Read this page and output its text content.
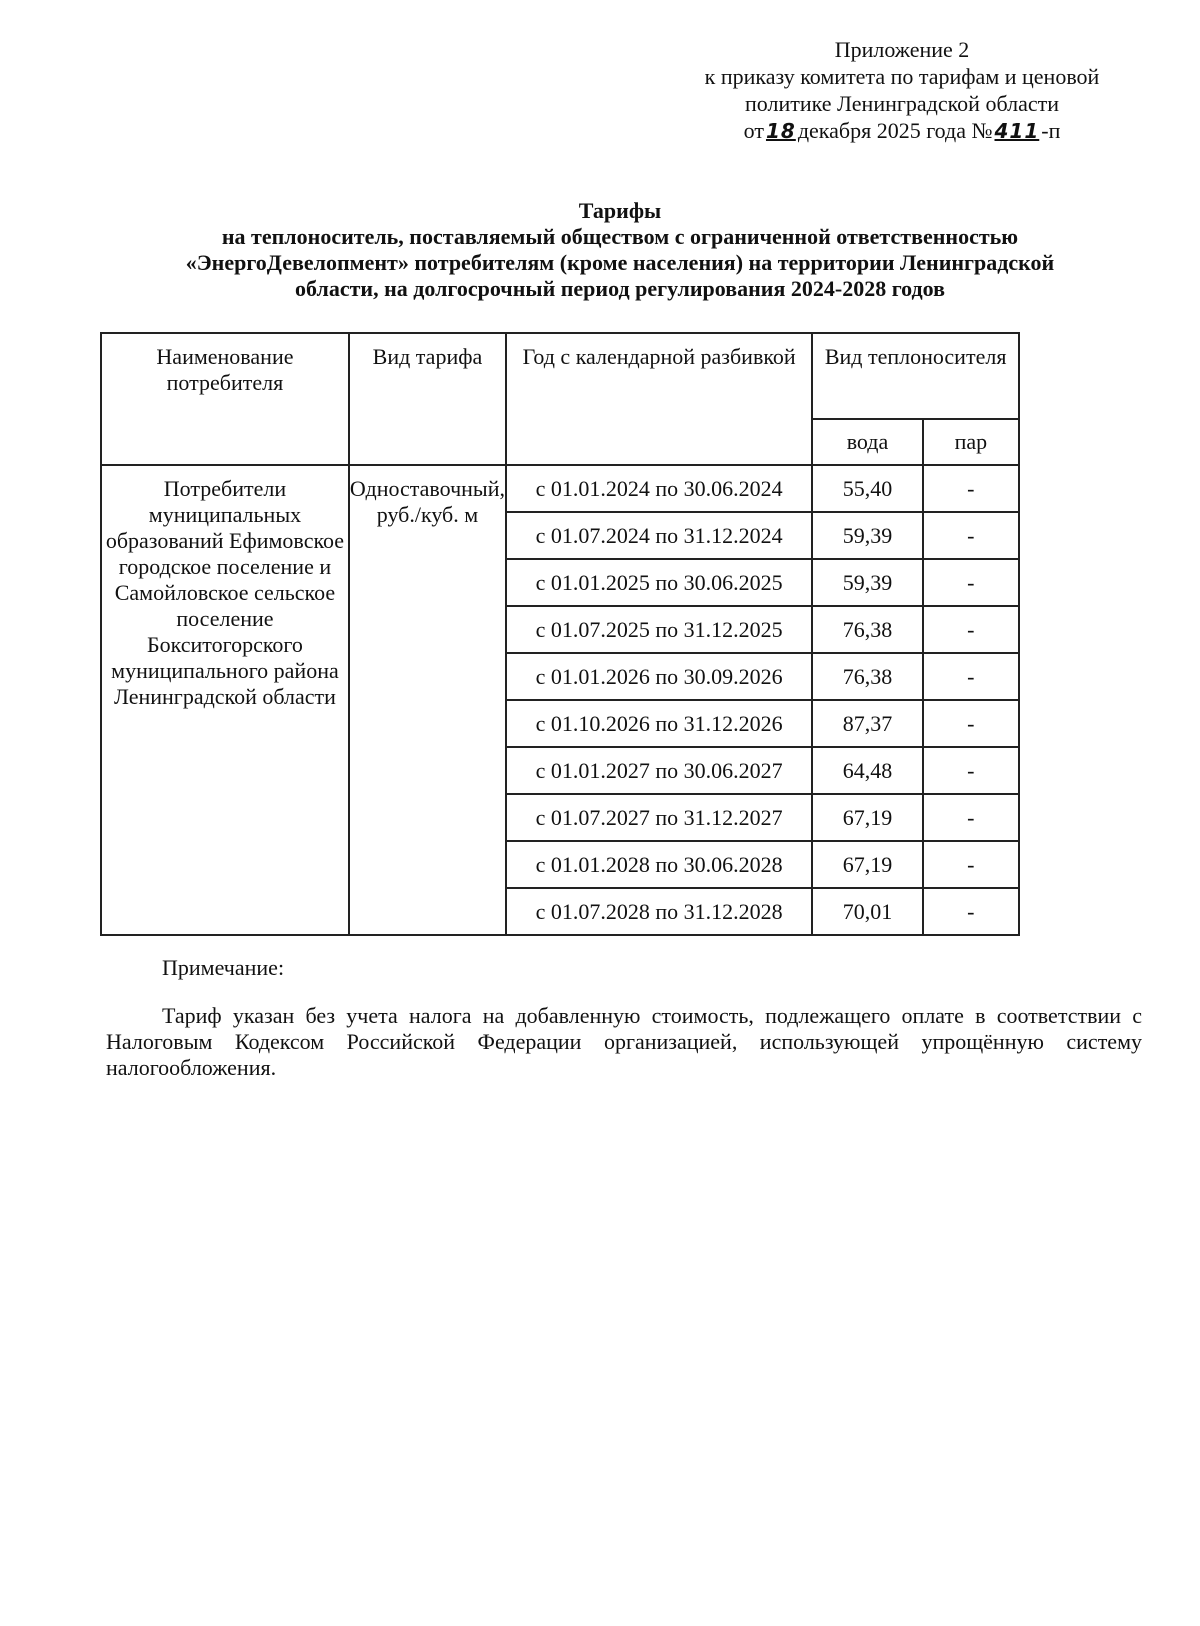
Приложение 2
к приказу комитета по тарифам и ценовой
политике Ленинградской области
от 18декабря 2025 года № 411-п
Тарифы
на теплоноситель, поставляемый обществом с ограниченной ответственностью
«ЭнергоДевелопмент» потребителям (кроме населения) на территории Ленинградской
области, на долгосрочный период регулирования 2024-2028 годов
Наименование потребителя	Вид тарифа	Год с календарной разбивкой	Вид теплоносителя	
			вода	пар
Потребители муниципальных образований Ефимовское городское поселение и Самойловское сельское поселение Бокситогорского муниципального района Ленинградской области	Одноставочный, руб./куб. м	с 01.01.2024 по 30.06.2024	55,40	-
		с 01.07.2024 по 31.12.2024	59,39	-
		с 01.01.2025 по 30.06.2025	59,39	-
		с 01.07.2025 по 31.12.2025	76,38	-
		с 01.01.2026 по 30.09.2026	76,38	-
		с 01.10.2026 по 31.12.2026	87,37	-
		с 01.01.2027 по 30.06.2027	64,48	-
		с 01.07.2027 по 31.12.2027	67,19	-
		с 01.01.2028 по 30.06.2028	67,19	-
		с 01.07.2028 по 31.12.2028	70,01	-
Примечание:
Тариф указан без учета налога на добавленную стоимость, подлежащего оплате в соответствии с Налоговым Кодексом Российской Федерации организацией, использующей упрощённую систему налогообложения.
